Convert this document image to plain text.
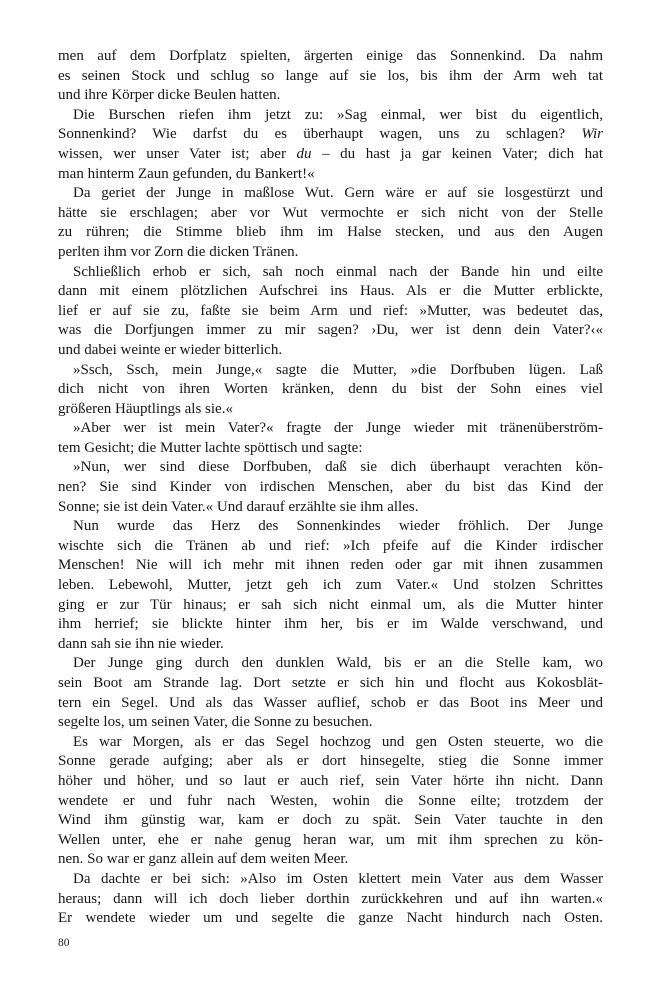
men auf dem Dorfplatz spielten, ärgerten einige das Sonnenkind. Da nahm
es seinen Stock und schlug so lange auf sie los, bis ihm der Arm weh tat
und ihre Körper dicke Beulen hatten.
Die Burschen riefen ihm jetzt zu: »Sag einmal, wer bist du eigentlich,
Sonnenkind? Wie darfst du es überhaupt wagen, uns zu schlagen? Wir
wissen, wer unser Vater ist; aber du – du hast ja gar keinen Vater; dich hat
man hinterm Zaun gefunden, du Bankert!«
Da geriet der Junge in maßlose Wut. Gern wäre er auf sie losgestürzt und
hätte sie erschlagen; aber vor Wut vermochte er sich nicht von der Stelle
zu rühren; die Stimme blieb ihm im Halse stecken, und aus den Augen
perlten ihm vor Zorn die dicken Tränen.
Schließlich erhob er sich, sah noch einmal nach der Bande hin und eilte
dann mit einem plötzlichen Aufschrei ins Haus. Als er die Mutter erblickte,
lief er auf sie zu, faßte sie beim Arm und rief: »Mutter, was bedeutet das,
was die Dorfjungen immer zu mir sagen? ›Du, wer ist denn dein Vater?‹«
und dabei weinte er wieder bitterlich.
»Ssch, Ssch, mein Junge,« sagte die Mutter, »die Dorfbuben lügen. Laß
dich nicht von ihren Worten kränken, denn du bist der Sohn eines viel
größeren Häuptlings als sie.«
»Aber wer ist mein Vater?« fragte der Junge wieder mit tränenüberström-
tem Gesicht; die Mutter lachte spöttisch und sagte:
»Nun, wer sind diese Dorfbuben, daß sie dich überhaupt verachten kön-
nen? Sie sind Kinder von irdischen Menschen, aber du bist das Kind der
Sonne; sie ist dein Vater.« Und darauf erzählte sie ihm alles.
Nun wurde das Herz des Sonnenkindes wieder fröhlich. Der Junge
wischte sich die Tränen ab und rief: »Ich pfeife auf die Kinder irdischer
Menschen! Nie will ich mehr mit ihnen reden oder gar mit ihnen zusammen
leben. Lebewohl, Mutter, jetzt geh ich zum Vater.« Und stolzen Schrittes
ging er zur Tür hinaus; er sah sich nicht einmal um, als die Mutter hinter
ihm herrief; sie blickte hinter ihm her, bis er im Walde verschwand, und
dann sah sie ihn nie wieder.
Der Junge ging durch den dunklen Wald, bis er an die Stelle kam, wo
sein Boot am Strande lag. Dort setzte er sich hin und flocht aus Kokosblät-
tern ein Segel. Und als das Wasser auflief, schob er das Boot ins Meer und
segelte los, um seinen Vater, die Sonne zu besuchen.
Es war Morgen, als er das Segel hochzog und gen Osten steuerte, wo die
Sonne gerade aufging; aber als er dort hinsegelte, stieg die Sonne immer
höher und höher, und so laut er auch rief, sein Vater hörte ihn nicht. Dann
wendete er und fuhr nach Westen, wohin die Sonne eilte; trotzdem der
Wind ihm günstig war, kam er doch zu spät. Sein Vater tauchte in den
Wellen unter, ehe er nahe genug heran war, um mit ihm sprechen zu kön-
nen. So war er ganz allein auf dem weiten Meer.
Da dachte er bei sich: »Also im Osten klettert mein Vater aus dem Wasser
heraus; dann will ich doch lieber dorthin zurückkehren und auf ihn warten.«
Er wendete wieder um und segelte die ganze Nacht hindurch nach Osten.
80
